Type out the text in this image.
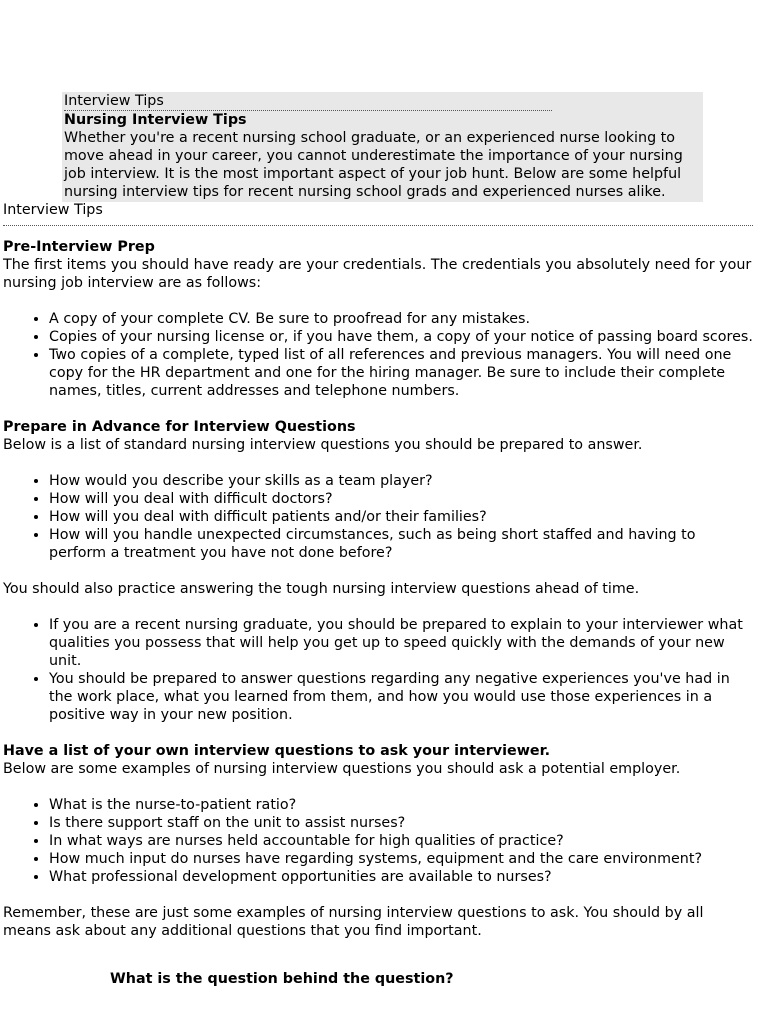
Interview Tips
Nursing Interview Tips
Whether you're a recent nursing school graduate, or an experienced nurse looking to move ahead in your career, you cannot underestimate the importance of your nursing job interview. It is the most important aspect of your job hunt. Below are some helpful nursing interview tips for recent nursing school grads and experienced nurses alike.
Interview Tips
Pre-Interview Prep

The first items you should have ready are your credentials. The credentials you absolutely need for your nursing job interview are as follows:

• A copy of your complete CV. Be sure to proofread for any mistakes.
• Copies of your nursing license or, if you have them, a copy of your notice of passing board scores.
• Two copies of a complete, typed list of all references and previous managers. You will need one copy for the HR department and one for the hiring manager. Be sure to include their complete names, titles, current addresses and telephone numbers.
Prepare in Advance for Interview Questions

Below is a list of standard nursing interview questions you should be prepared to answer.

• How would you describe your skills as a team player?
• How will you deal with difficult doctors?
• How will you deal with difficult patients and/or their families?
• How will you handle unexpected circumstances, such as being short staffed and having to perform a treatment you have not done before?

You should also practice answering the tough nursing interview questions ahead of time.

• If you are a recent nursing graduate, you should be prepared to explain to your interviewer what qualities you possess that will help you get up to speed quickly with the demands of your new unit.
• You should be prepared to answer questions regarding any negative experiences you've had in the work place, what you learned from them, and how you would use those experiences in a positive way in your new position.
Have a list of your own interview questions to ask your interviewer.

Below are some examples of nursing interview questions you should ask a potential employer.

• What is the nurse-to-patient ratio?
• Is there support staff on the unit to assist nurses?
• In what ways are nurses held accountable for high qualities of practice?
• How much input do nurses have regarding systems, equipment and the care environment?
• What professional development opportunities are available to nurses?

Remember, these are just some examples of nursing interview questions to ask. You should by all means ask about any additional questions that you find important.

What is the question behind the question?
